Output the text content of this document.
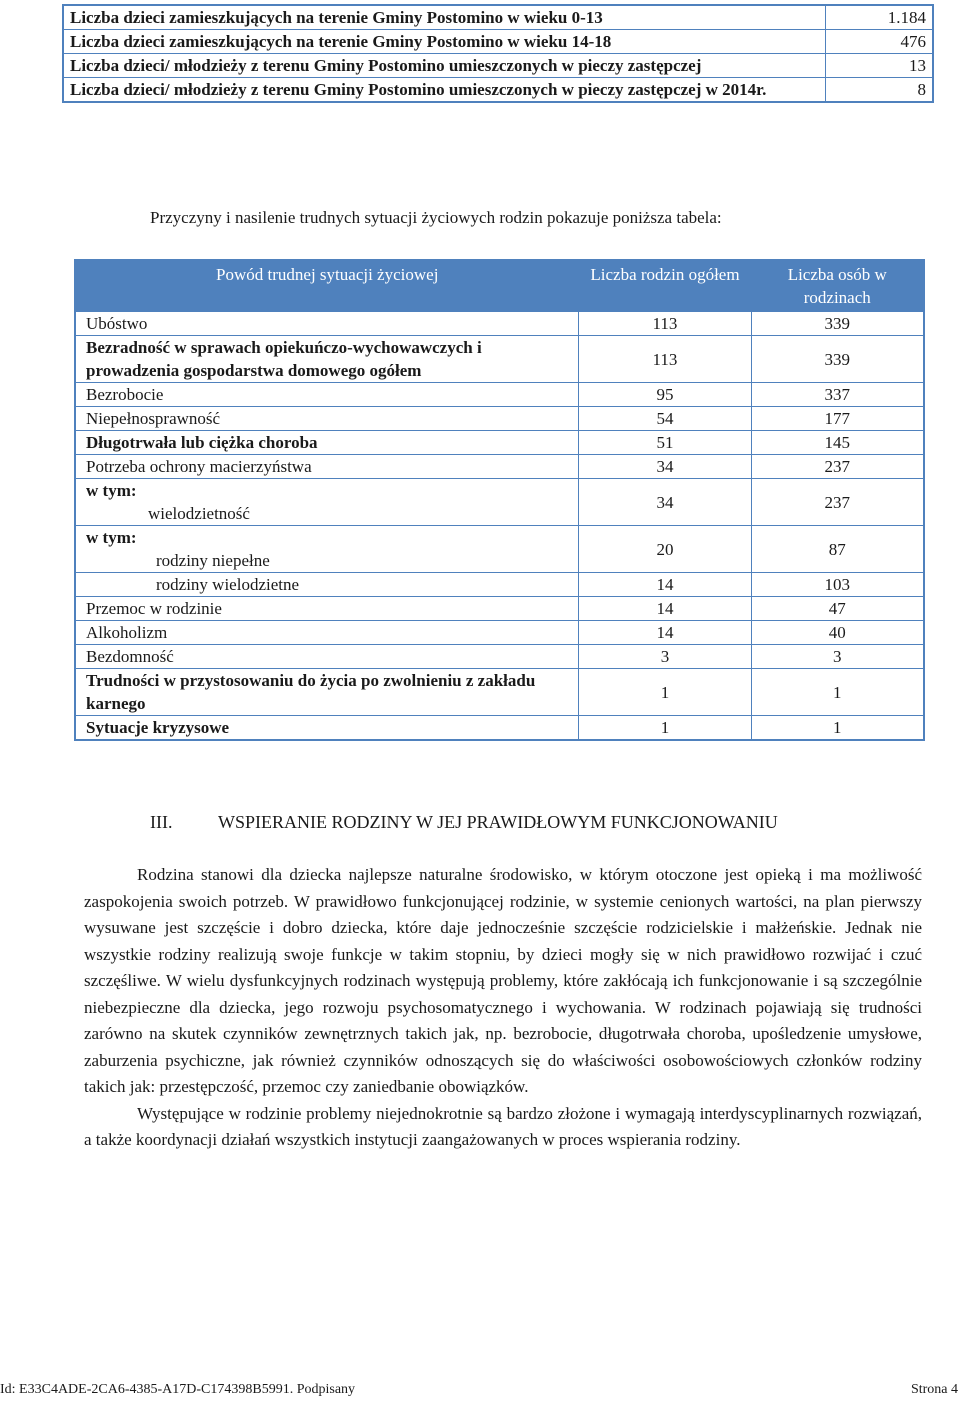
Liczba dzieci zamieszkujących na terenie Gminy Postomino w wieku 0-13	1.184
Liczba dzieci zamieszkujących na terenie Gminy Postomino w wieku 14-18	476
Liczba dzieci/ młodzieży z terenu Gminy Postomino umieszczonych w pieczy zastępczej	13
Liczba dzieci/ młodzieży z terenu Gminy Postomino umieszczonych w pieczy zastępczej w 2014r.	8
Przyczyny i nasilenie trudnych sytuacji życiowych rodzin pokazuje poniższa tabela:
Powód trudnej sytuacji życiowej	Liczba rodzin ogółem	Liczba osób w rodzinach
Ubóstwo	113	339
Bezradność w sprawach opiekuńczo-wychowawczych i prowadzenia gospodarstwa domowego ogółem	113	339
Bezrobocie	95	337
Niepełnosprawność	54	177
Długotrwała lub ciężka choroba	51	145
Potrzeba ochrony macierzyństwa	34	237

w tym:
wielodzietność	34	237

w tym:
rodziny niepełne	20	87

rodziny wielodzietne	14	103
Przemoc w rodzinie	14	47
Alkoholizm	14	40
Bezdomność	3	3
Trudności w przystosowaniu do życia po zwolnieniu z zakładu karnego	1	1
Sytuacje kryzysowe	1	1
III.	WSPIERANIE RODZINY W JEJ PRAWIDŁOWYM FUNKCJONOWANIU

Rodzina stanowi dla dziecka najlepsze naturalne środowisko, w którym otoczone jest opieką i ma możliwość zaspokojenia swoich potrzeb. W prawidłowo funkcjonującej rodzinie, w systemie cenionych wartości, na plan pierwszy wysuwane jest szczęście i dobro dziecka, które daje jednocześnie szczęście rodzicielskie i małżeńskie. Jednak nie wszystkie rodziny realizują swoje funkcje w takim stopniu, by dzieci mogły się w nich prawidłowo rozwijać i czuć szczęśliwe. W wielu dysfunkcyjnych rodzinach występują problemy, które zakłócają ich funkcjonowanie i są szczególnie niebezpieczne dla dziecka, jego rozwoju psychosomatycznego i wychowania. W rodzinach pojawiają się trudności zarówno na skutek czynników zewnętrznych takich jak, np. bezrobocie, długotrwała choroba, upośledzenie umysłowe, zaburzenia psychiczne, jak również czynników odnoszących się do właściwości osobowościowych członków rodziny takich jak: przestępczość, przemoc czy zaniedbanie obowiązków.

Występujące w rodzinie problemy niejednokrotnie są bardzo złożone i wymagają interdyscyplinarnych rozwiązań, a także koordynacji działań wszystkich instytucji zaangażowanych w proces wspierania rodziny.

Id: E33C4ADE-2CA6-4385-A17D-C174398B5991. Podpisany	Strona 4
